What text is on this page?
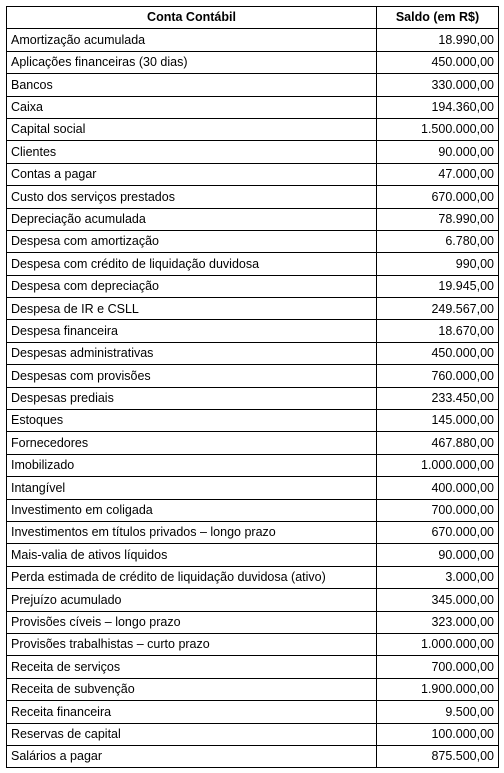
Conta Contábil	Saldo (em R$)
Amortização acumulada	18.990,00
Aplicações financeiras (30 dias)	450.000,00
Bancos	330.000,00
Caixa	194.360,00
Capital social	1.500.000,00
Clientes	90.000,00
Contas a pagar	47.000,00
Custo dos serviços prestados	670.000,00
Depreciação acumulada	78.990,00
Despesa com amortização	6.780,00
Despesa com crédito de liquidação duvidosa	990,00
Despesa com depreciação	19.945,00
Despesa de IR e CSLL	249.567,00
Despesa financeira	18.670,00
Despesas administrativas	450.000,00
Despesas com provisões	760.000,00
Despesas prediais	233.450,00
Estoques	145.000,00
Fornecedores	467.880,00
Imobilizado	1.000.000,00
Intangível	400.000,00
Investimento em coligada	700.000,00
Investimentos em títulos privados – longo prazo	670.000,00
Mais-valia de ativos líquidos	90.000,00
Perda estimada de crédito de liquidação duvidosa (ativo)	3.000,00
Prejuízo acumulado	345.000,00
Provisões cíveis – longo prazo	323.000,00
Provisões trabalhistas – curto prazo	1.000.000,00
Receita de serviços	700.000,00
Receita de subvenção	1.900.000,00
Receita financeira	9.500,00
Reservas de capital	100.000,00
Salários a pagar	875.500,00
